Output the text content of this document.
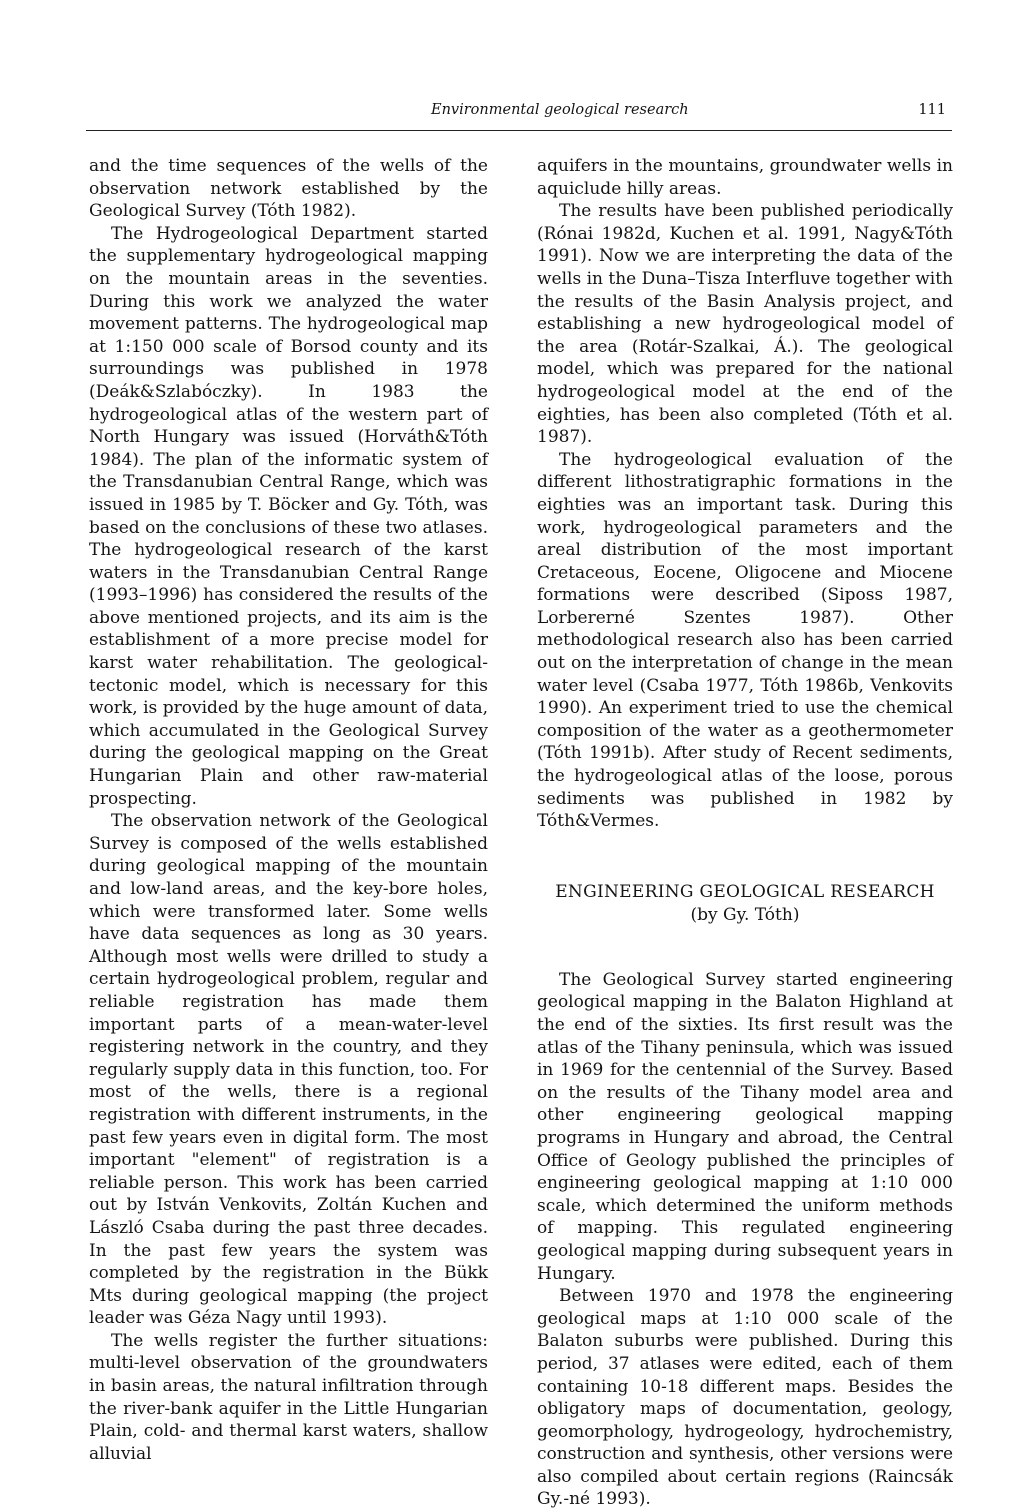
Environmental geological research	111

and the time sequences of the wells of the observation network established by the Geological Survey (Tóth 1982).

The Hydrogeological Department started the supplementary hydrogeological mapping on the mountain areas in the seventies. During this work we analyzed the water movement patterns. The hydrogeological map at 1:150 000 scale of Borsod county and its surroundings was published in 1978 (Deák&Szlabóczky). In 1983 the hydrogeological atlas of the western part of North Hungary was issued (Horváth&Tóth 1984). The plan of the informatic system of the Transdanubian Central Range, which was issued in 1985 by T. Böcker and Gy. Tóth, was based on the conclusions of these two atlases. The hydrogeological research of the karst waters in the Transdanubian Central Range (1993–1996) has considered the results of the above mentioned projects, and its aim is the establishment of a more precise model for karst water rehabilitation. The geological-tectonic model, which is necessary for this work, is provided by the huge amount of data, which accumulated in the Geological Survey during the geological mapping on the Great Hungarian Plain and other raw-material prospecting.

The observation network of the Geological Survey is composed of the wells established during geological mapping of the mountain and low-land areas, and the key-bore holes, which were transformed later. Some wells have data sequences as long as 30 years. Although most wells were drilled to study a certain hydrogeological problem, regular and reliable registration has made them important parts of a mean-water-level registering network in the country, and they regularly supply data in this function, too. For most of the wells, there is a regional registration with different instruments, in the past few years even in digital form. The most important "element" of registration is a reliable person. This work has been carried out by István Venkovits, Zoltán Kuchen and László Csaba during the past three decades. In the past few years the system was completed by the registration in the Bükk Mts during geological mapping (the project leader was Géza Nagy until 1993).

The wells register the further situations: multi-level observation of the groundwaters in basin areas, the natural infiltration through the river-bank aquifer in the Little Hungarian Plain, cold- and thermal karst waters, shallow alluvial

aquifers in the mountains, groundwater wells in aquiclude hilly areas.

The results have been published periodically (Rónai 1982d, Kuchen et al. 1991, Nagy&Tóth 1991). Now we are interpreting the data of the wells in the Duna–Tisza Interfluve together with the results of the Basin Analysis project, and establishing a new hydrogeological model of the area (Rotár-Szalkai, Á.). The geological model, which was prepared for the national hydrogeological model at the end of the eighties, has been also completed (Tóth et al. 1987).

The hydrogeological evaluation of the different lithostratigraphic formations in the eighties was an important task. During this work, hydrogeological parameters and the areal distribution of the most important Cretaceous, Eocene, Oligocene and Miocene formations were described (Siposs 1987, Lorbererné Szentes 1987). Other methodological research also has been carried out on the interpretation of change in the mean water level (Csaba 1977, Tóth 1986b, Venkovits 1990). An experiment tried to use the chemical composition of the water as a geothermometer (Tóth 1991b). After study of Recent sediments, the hydrogeological atlas of the loose, porous sediments was published in 1982 by Tóth&Vermes.

ENGINEERING GEOLOGICAL RESEARCH
(by Gy. Tóth)

The Geological Survey started engineering geological mapping in the Balaton Highland at the end of the sixties. Its first result was the atlas of the Tihany peninsula, which was issued in 1969 for the centennial of the Survey. Based on the results of the Tihany model area and other engineering geological mapping programs in Hungary and abroad, the Central Office of Geology published the principles of engineering geological mapping at 1:10 000 scale, which determined the uniform methods of mapping. This regulated engineering geological mapping during subsequent years in Hungary.

Between 1970 and 1978 the engineering geological maps at 1:10 000 scale of the Balaton suburbs were published. During this period, 37 atlases were edited, each of them containing 10-18 different maps. Besides the obligatory maps of documentation, geology, geomorphology, hydrogeology, hydrochemistry, construction and synthesis, other versions were also compiled about certain regions (Raincsák Gy.-né 1993).
